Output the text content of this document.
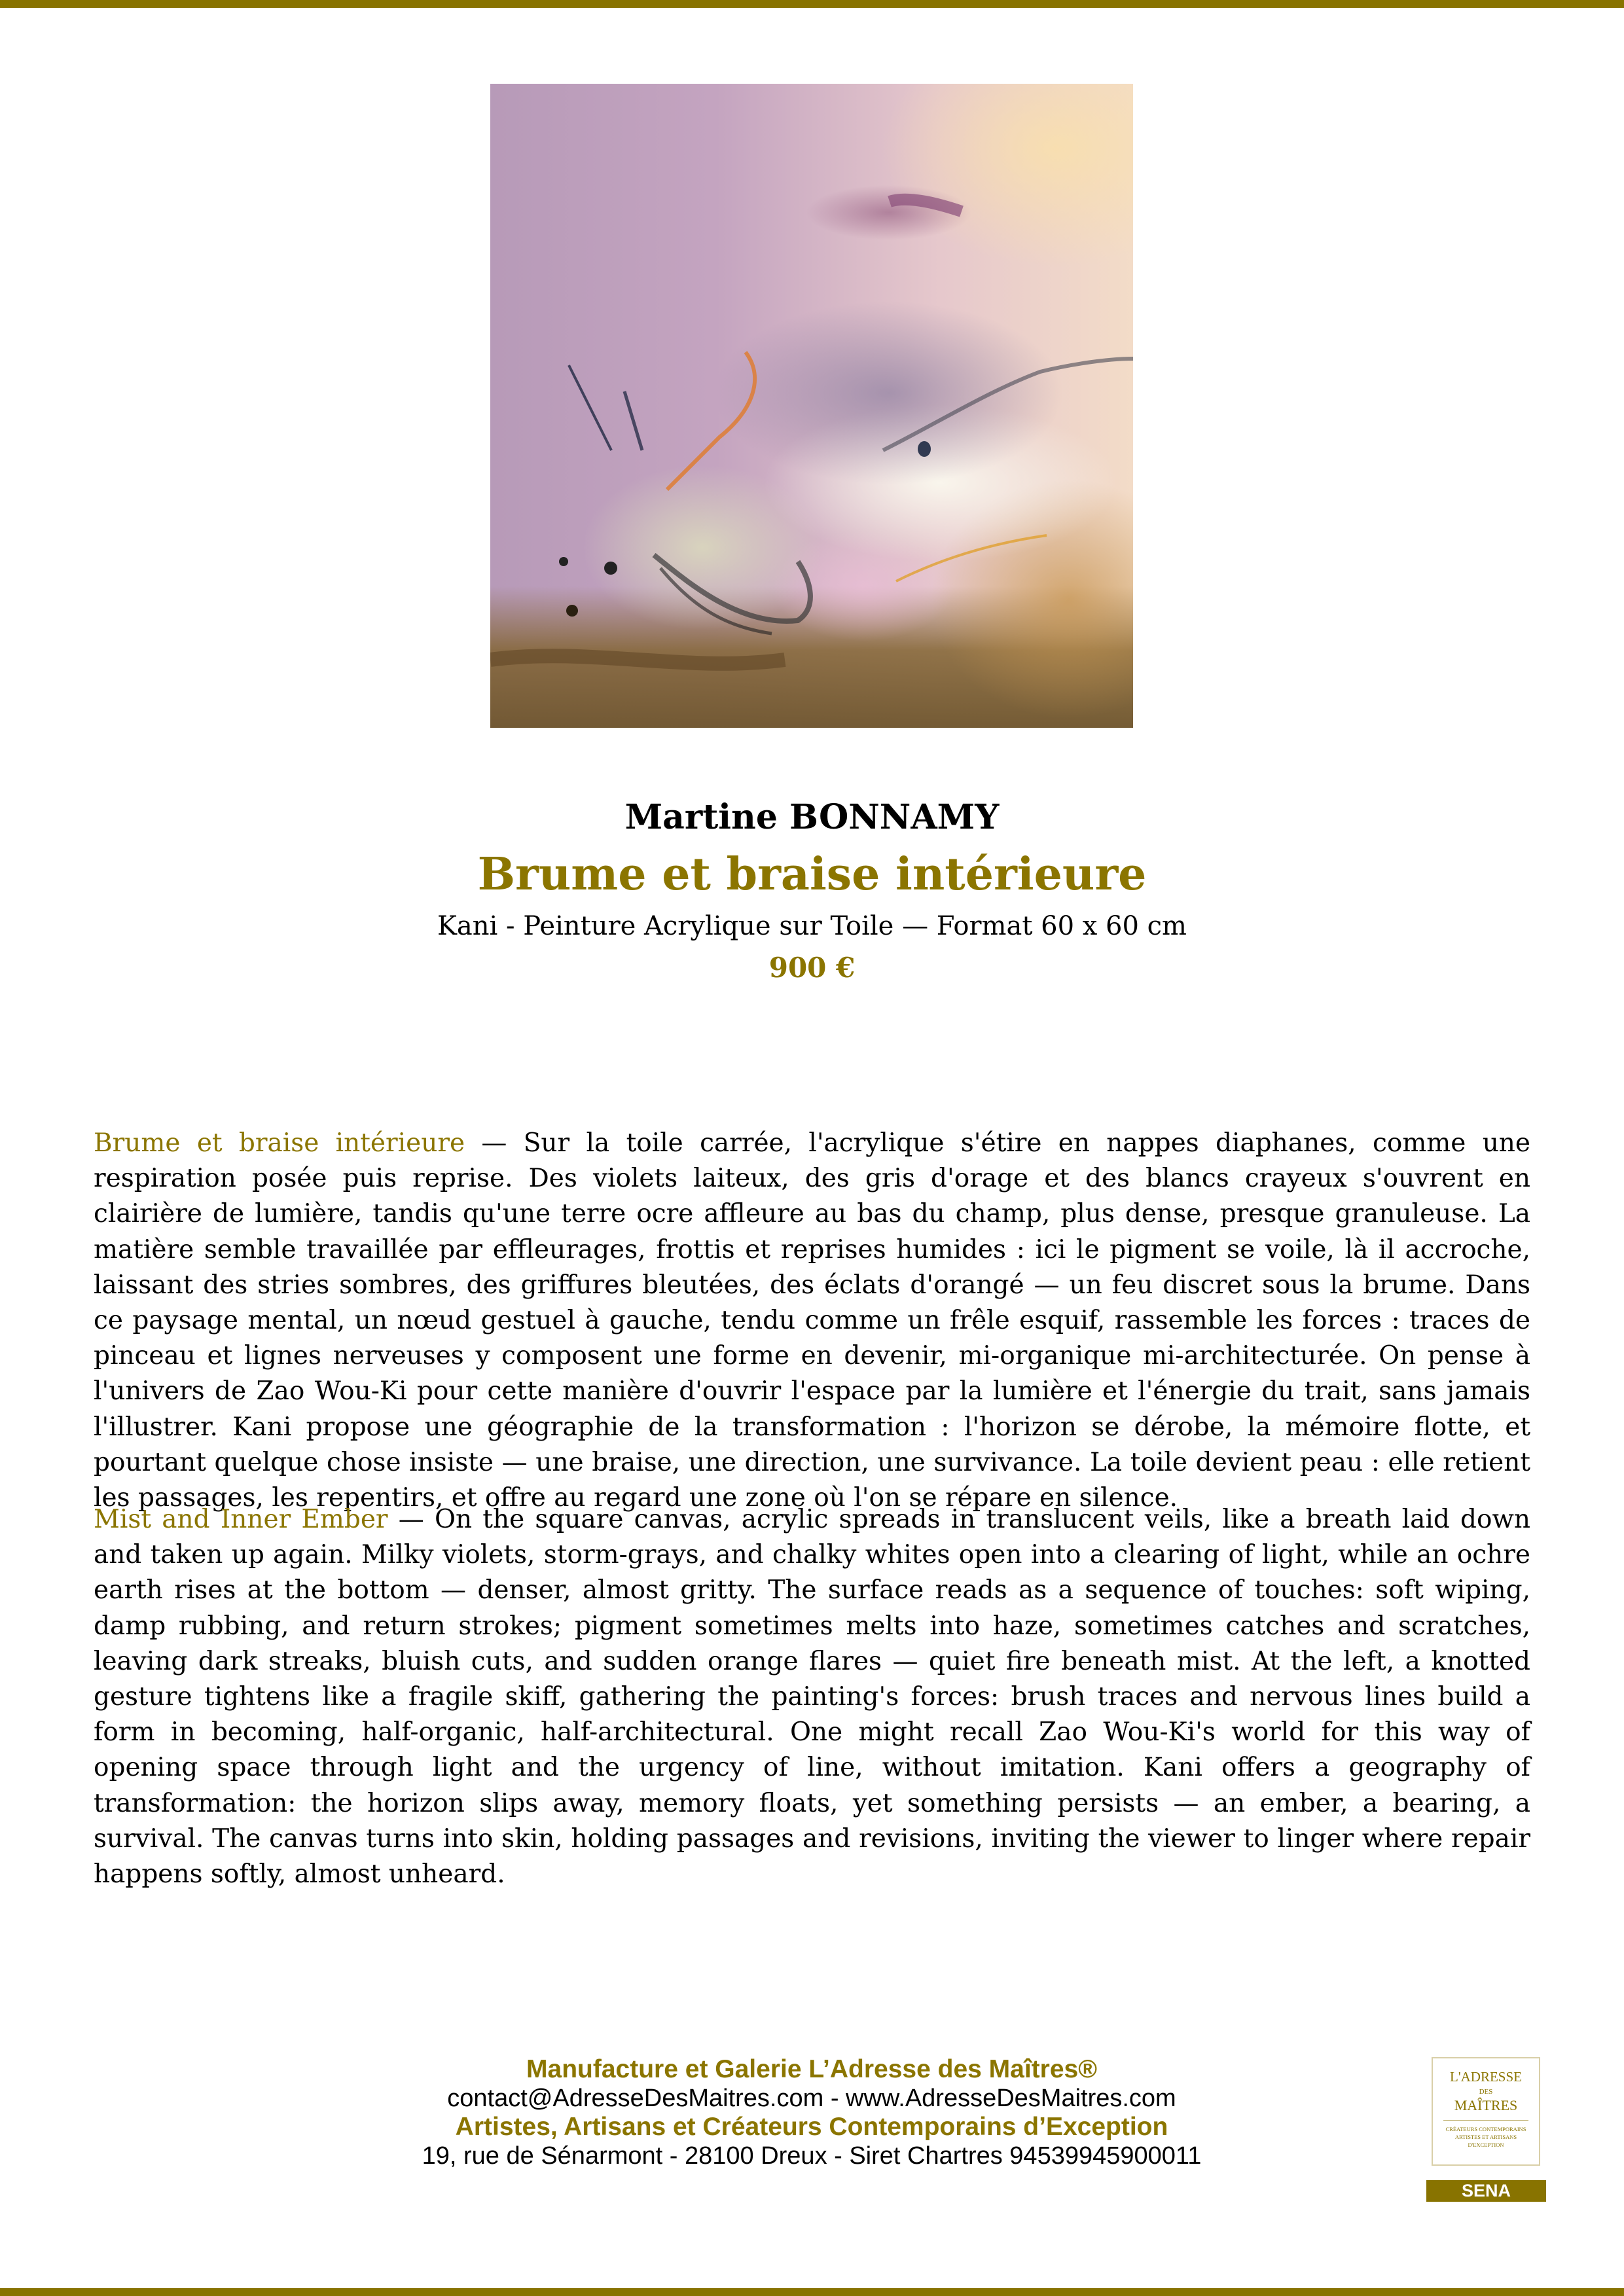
Martine BONNAMY
Brume et braise intérieure
Kani - Peinture Acrylique sur Toile — Format 60 x 60 cm
900 €

Brume et braise intérieure — Sur la toile carrée, l'acrylique s'étire en nappes diaphanes, comme une respiration posée puis reprise. Des violets laiteux, des gris d'orage et des blancs crayeux s'ouvrent en clairière de lumière, tandis qu'une terre ocre affleure au bas du champ, plus dense, presque granuleuse. La matière semble travaillée par effleurages, frottis et reprises humides : ici le pigment se voile, là il accroche, laissant des stries sombres, des griffures bleutées, des éclats d'orangé — un feu discret sous la brume. Dans ce paysage mental, un nœud gestuel à gauche, tendu comme un frêle esquif, rassemble les forces : traces de pinceau et lignes nerveuses y composent une forme en devenir, mi-organique mi-architecturée. On pense à l'univers de Zao Wou-Ki pour cette manière d'ouvrir l'espace par la lumière et l'énergie du trait, sans jamais l'illustrer. Kani propose une géographie de la transformation : l'horizon se dérobe, la mémoire flotte, et pourtant quelque chose insiste — une braise, une direction, une survivance. La toile devient peau : elle retient les passages, les repentirs, et offre au regard une zone où l'on se répare en silence.

Mist and Inner Ember — On the square canvas, acrylic spreads in translucent veils, like a breath laid down and taken up again. Milky violets, storm-grays, and chalky whites open into a clearing of light, while an ochre earth rises at the bottom — denser, almost gritty. The surface reads as a sequence of touches: soft wiping, damp rubbing, and return strokes; pigment sometimes melts into haze, sometimes catches and scratches, leaving dark streaks, bluish cuts, and sudden orange flares — quiet fire beneath mist. At the left, a knotted gesture tightens like a fragile skiff, gathering the painting's forces: brush traces and nervous lines build a form in becoming, half-organic, half-architectural. One might recall Zao Wou-Ki's world for this way of opening space through light and the urgency of line, without imitation. Kani offers a geography of transformation: the horizon slips away, memory floats, yet something persists — an ember, a bearing, a survival. The canvas turns into skin, holding passages and revisions, inviting the viewer to linger where repair happens softly, almost unheard.

Manufacture et Galerie L’Adresse des Maîtres®
contact@AdresseDesMaitres.com - www.AdresseDesMaitres.com
Artistes, Artisans et Créateurs Contemporains d’Exception
19, rue de Sénarmont - 28100 Dreux - Siret Chartres 94539945900011
L'ADRESSE
DES
MAÎTRES
CRÉATEURS CONTEMPORAINS
ARTISTES ET ARTISANS
D'EXCEPTION
SENA
